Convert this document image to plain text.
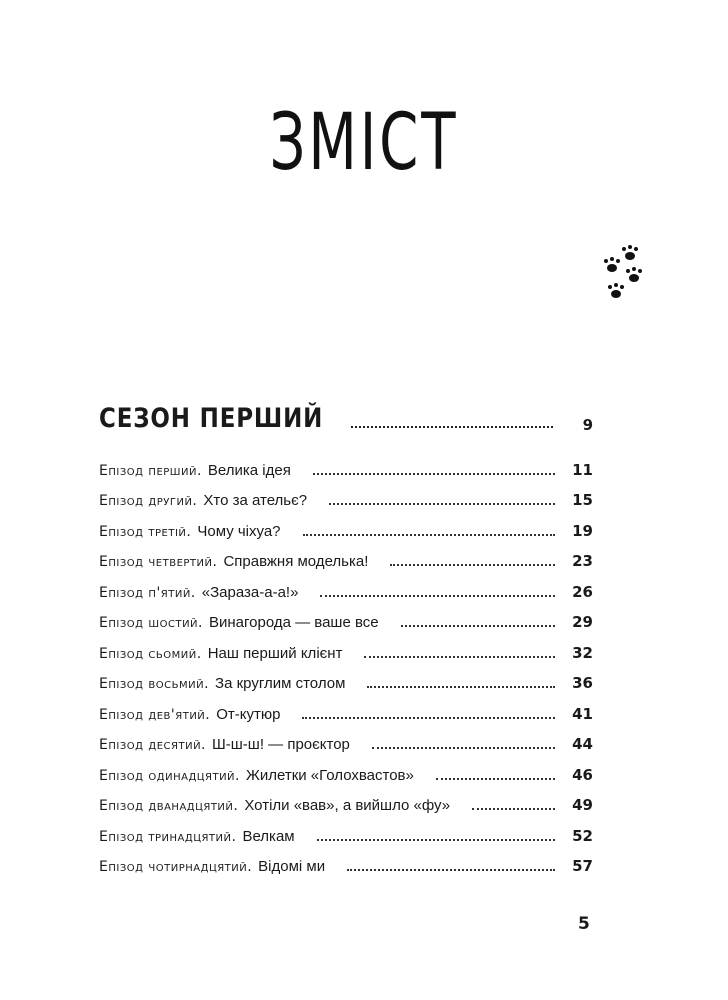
ЗМІСТ
СЕЗОН ПЕРШИЙ	9
Епізод перший. Велика ідея	11
Епізод другий. Хто за ательє?	15
Епізод третій. Чому чіхуа?	19
Епізод четвертий. Справжня моделька!	23
Епізод п'ятий. «Зараза-а-а!»	26
Епізод шостий. Винагорода — ваше все	29
Епізод сьомий. Наш перший клієнт	32
Епізод восьмий. За круглим столом	36
Епізод дев'ятий. От-кутюр	41
Епізод десятий. Ш-ш-ш! — проєктор	44
Епізод одинадцятий. Жилетки «Голохвастов»	46
Епізод дванадцятий. Хотіли «вав», а вийшло «фу»	49
Епізод тринадцятий. Велкам	52
Епізод чотирнадцятий. Відомі ми	57
5
